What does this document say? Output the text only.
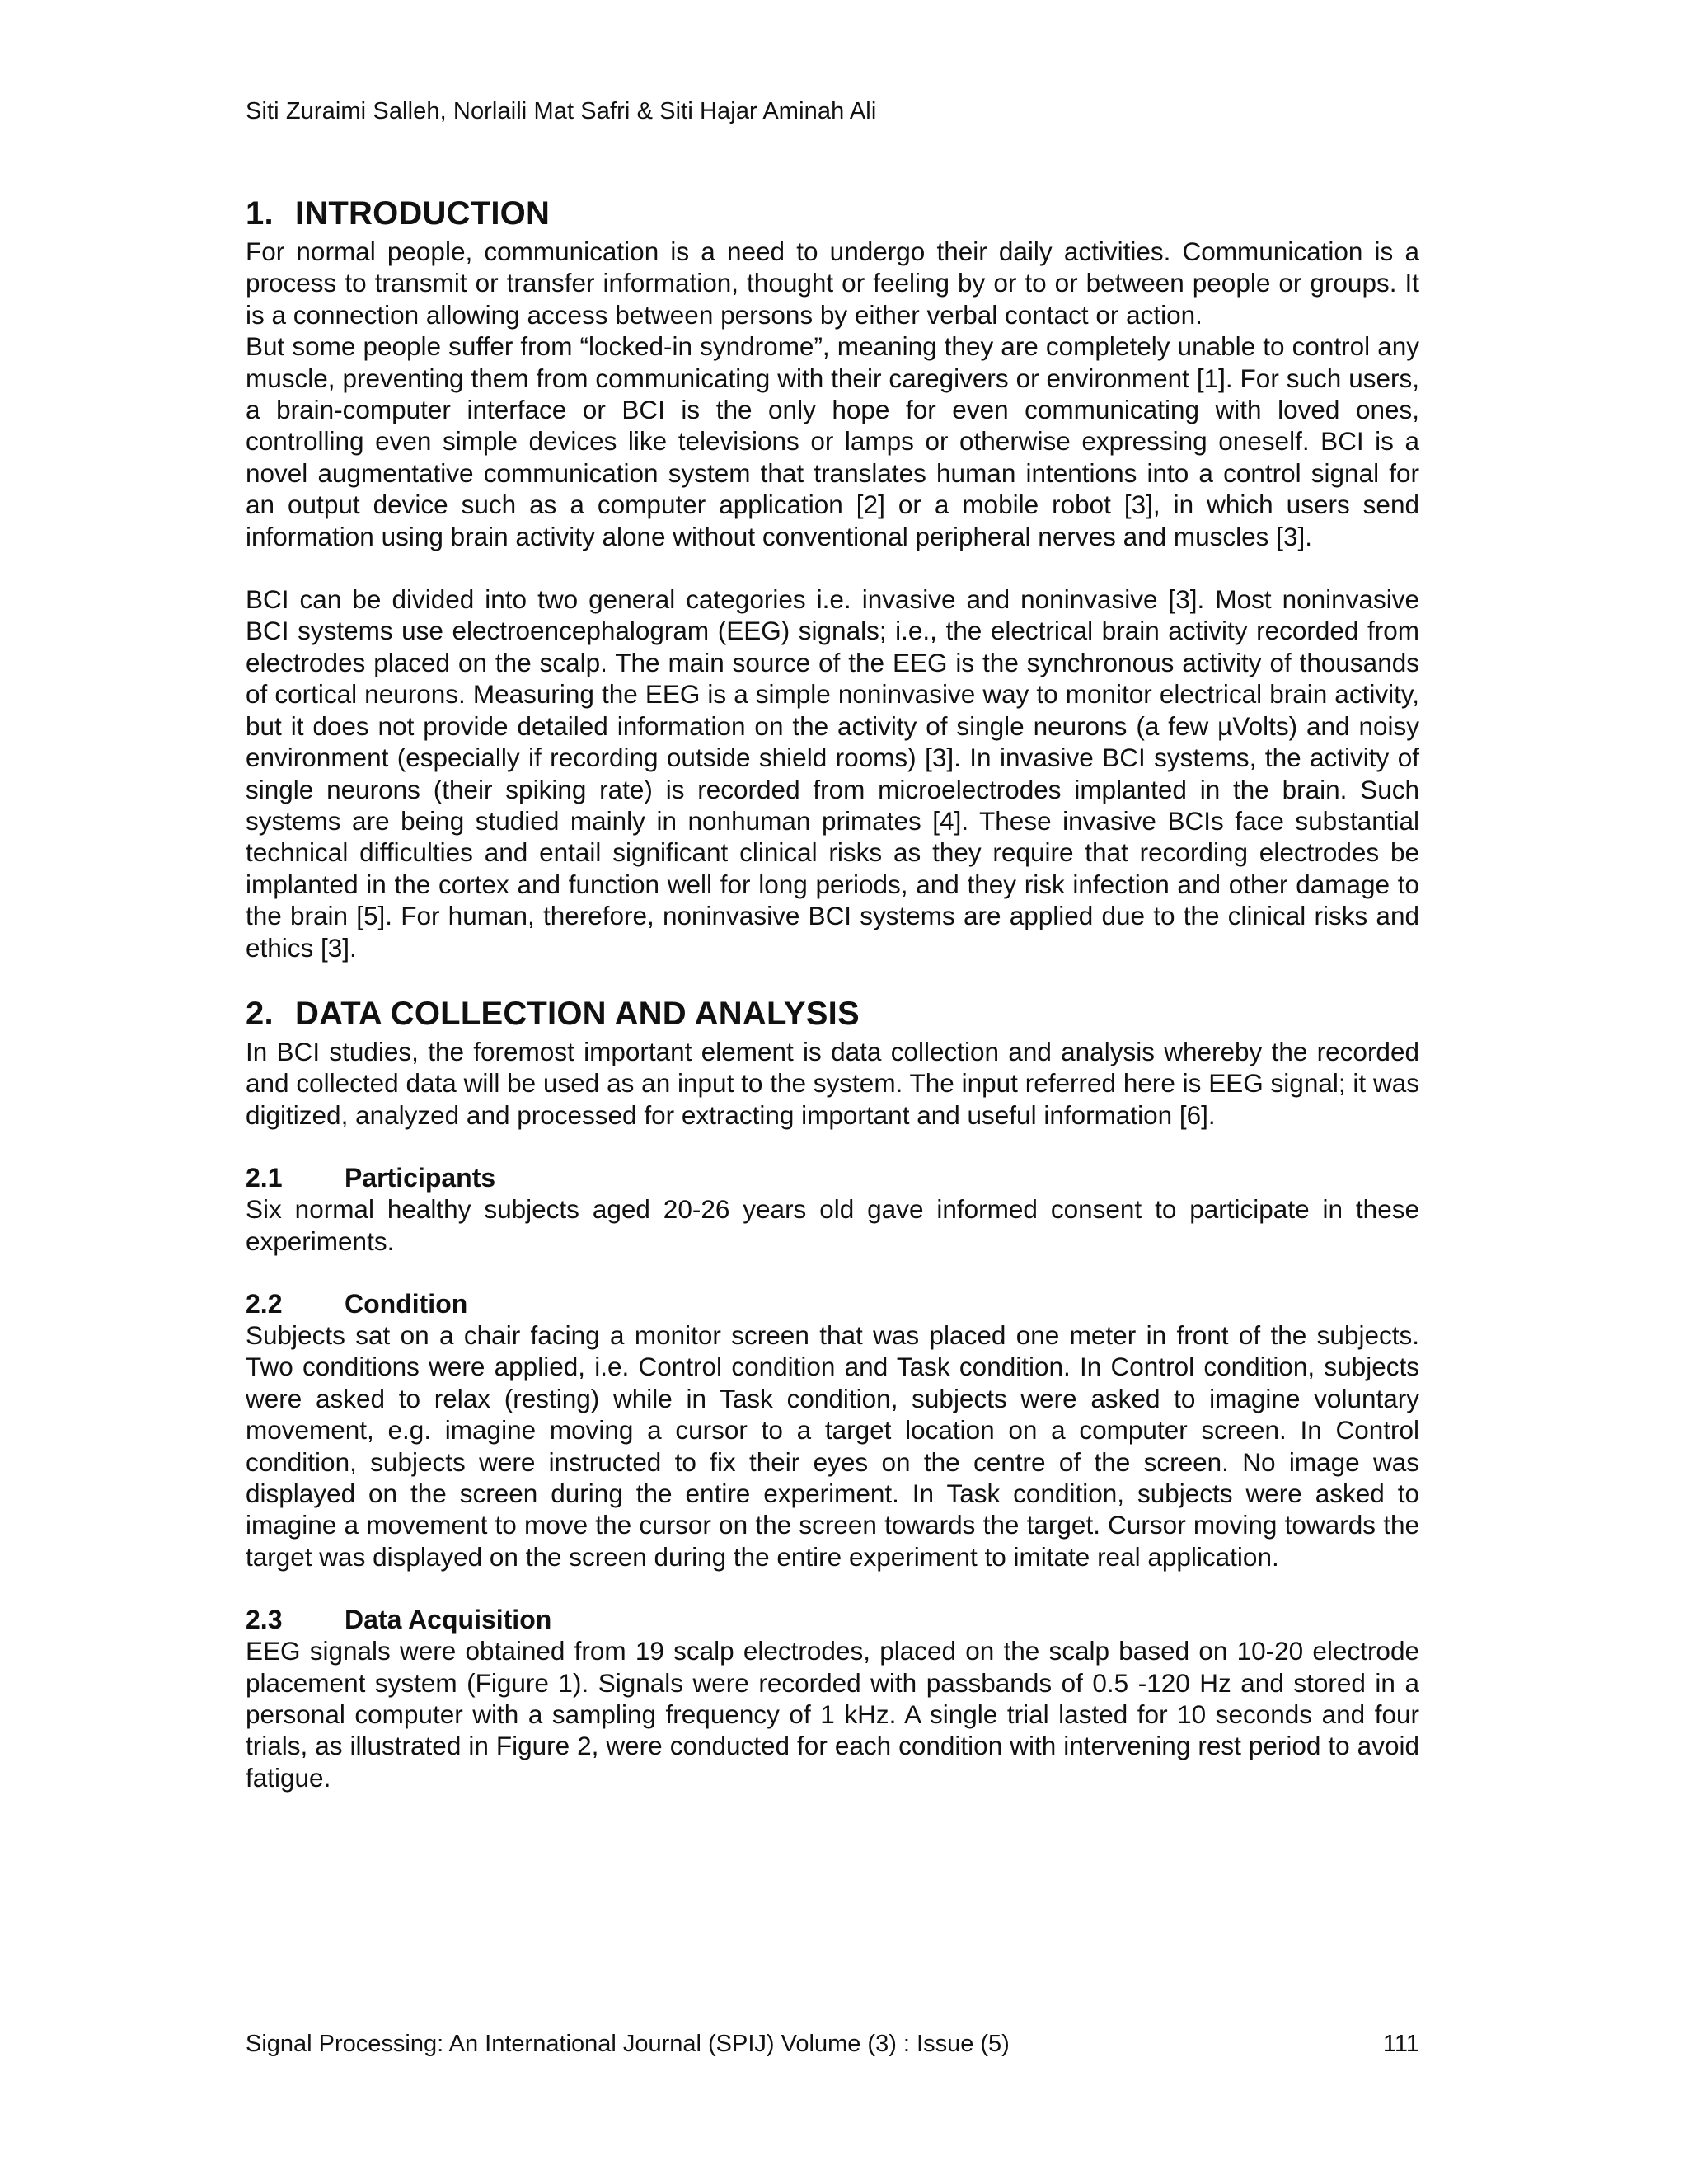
Siti Zuraimi Salleh, Norlaili Mat Safri & Siti Hajar Aminah Ali
1. INTRODUCTION

For normal people, communication is a need to undergo their daily activities. Communication is a process to transmit or transfer information, thought or feeling by or to or between people or groups. It is a connection allowing access between persons by either verbal contact or action.

But some people suffer from “locked-in syndrome”, meaning they are completely unable to control any muscle, preventing them from communicating with their caregivers or environment [1]. For such users, a brain-computer interface or BCI is the only hope for even communicating with loved ones, controlling even simple devices like televisions or lamps or otherwise expressing oneself. BCI is a novel augmentative communication system that translates human intentions into a control signal for an output device such as a computer application [2] or a mobile robot [3], in which users send information using brain activity alone without conventional peripheral nerves and muscles [3].

BCI can be divided into two general categories i.e. invasive and noninvasive [3]. Most noninvasive BCI systems use electroencephalogram (EEG) signals; i.e., the electrical brain activity recorded from electrodes placed on the scalp. The main source of the EEG is the synchronous activity of thousands of cortical neurons. Measuring the EEG is a simple noninvasive way to monitor electrical brain activity, but it does not provide detailed information on the activity of single neurons (a few µVolts) and noisy environment (especially if recording outside shield rooms) [3]. In invasive BCI systems, the activity of single neurons (their spiking rate) is recorded from microelectrodes implanted in the brain. Such systems are being studied mainly in nonhuman primates [4]. These invasive BCIs face substantial technical difficulties and entail significant clinical risks as they require that recording electrodes be implanted in the cortex and function well for long periods, and they risk infection and other damage to the brain [5]. For human, therefore, noninvasive BCI systems are applied due to the clinical risks and ethics [3].

2. DATA COLLECTION AND ANALYSIS

In BCI studies, the foremost important element is data collection and analysis whereby the recorded and collected data will be used as an input to the system. The input referred here is EEG signal; it was digitized, analyzed and processed for extracting important and useful information [6].

2.1 Participants

Six normal healthy subjects aged 20-26 years old gave informed consent to participate in these experiments.

2.2 Condition

Subjects sat on a chair facing a monitor screen that was placed one meter in front of the subjects. Two conditions were applied, i.e. Control condition and Task condition. In Control condition, subjects were asked to relax (resting) while in Task condition, subjects were asked to imagine voluntary movement, e.g. imagine moving a cursor to a target location on a computer screen. In Control condition, subjects were instructed to fix their eyes on the centre of the screen. No image was displayed on the screen during the entire experiment. In Task condition, subjects were asked to imagine a movement to move the cursor on the screen towards the target. Cursor moving towards the target was displayed on the screen during the entire experiment to imitate real application.

2.3 Data Acquisition

EEG signals were obtained from 19 scalp electrodes, placed on the scalp based on 10-20 electrode placement system (Figure 1). Signals were recorded with passbands of 0.5 -120 Hz and stored in a personal computer with a sampling frequency of 1 kHz. A single trial lasted for 10 seconds and four trials, as illustrated in Figure 2, were conducted for each condition with intervening rest period to avoid fatigue.

Signal Processing: An International Journal (SPIJ) Volume (3) : Issue (5)	111
